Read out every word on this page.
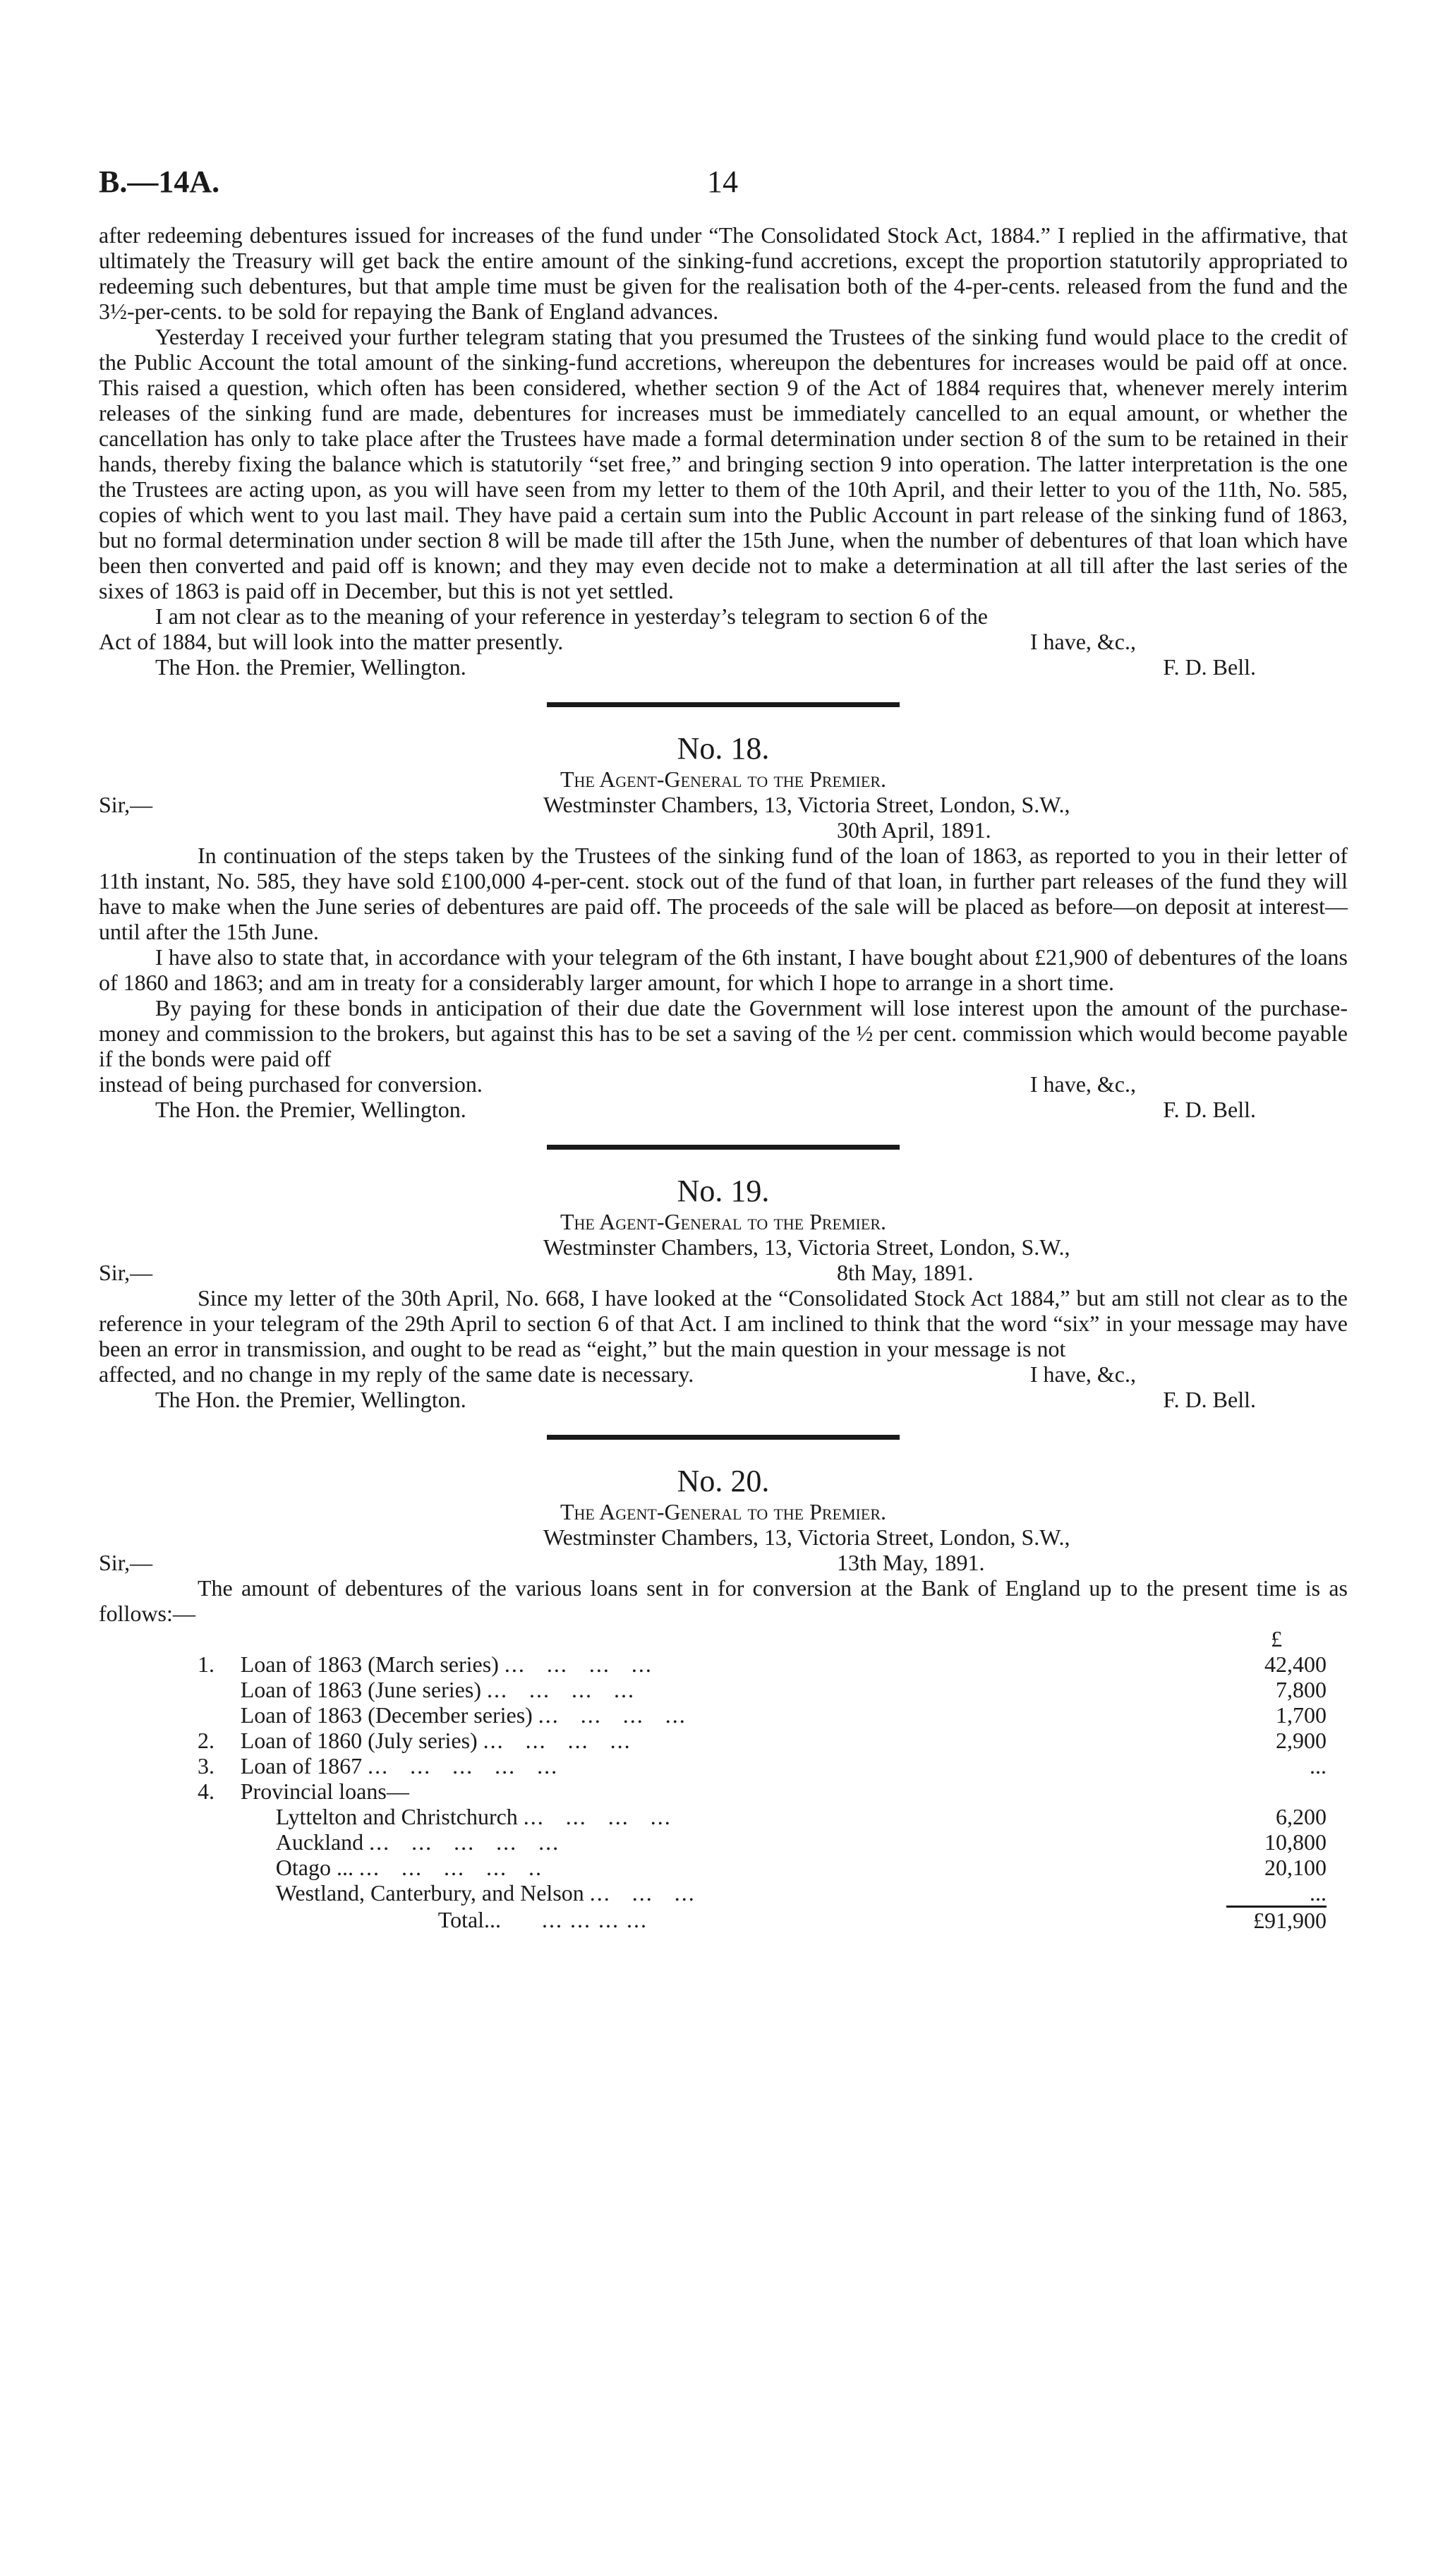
B.—14A.	14

after redeeming debentures issued for increases of the fund under “The Consolidated Stock Act, 1884.” I replied in the affirmative, that ultimately the Treasury will get back the entire amount of the sinking-fund accretions, except the proportion statutorily appropriated to redeeming such debentures, but that ample time must be given for the realisation both of the 4-per-cents. released from the fund and the 3½-per-cents. to be sold for repaying the Bank of England advances.

Yesterday I received your further telegram stating that you presumed the Trustees of the sinking fund would place to the credit of the Public Account the total amount of the sinking-fund accretions, whereupon the debentures for increases would be paid off at once. This raised a question, which often has been considered, whether section 9 of the Act of 1884 requires that, whenever merely interim releases of the sinking fund are made, debentures for increases must be immediately cancelled to an equal amount, or whether the cancellation has only to take place after the Trustees have made a formal determination under section 8 of the sum to be retained in their hands, thereby fixing the balance which is statutorily “set free,” and bringing section 9 into operation. The latter interpretation is the one the Trustees are acting upon, as you will have seen from my letter to them of the 10th April, and their letter to you of the 11th, No. 585, copies of which went to you last mail. They have paid a certain sum into the Public Account in part release of the sinking fund of 1863, but no formal determination under section 8 will be made till after the 15th June, when the number of debentures of that loan which have been then converted and paid off is known; and they may even decide not to make a determination at all till after the last series of the sixes of 1863 is paid off in December, but this is not yet settled.

I am not clear as to the meaning of your reference in yesterday’s telegram to section 6 of the

Act of 1884, but will look into the matter presently.	I have, &c.,
The Hon. the Premier, Wellington.	F. D. Bell.
No. 18.
The Agent-General to the Premier.
Sir,—	Westminster Chambers, 13, Victoria Street, London, S.W.,
30th April, 1891.

In continuation of the steps taken by the Trustees of the sinking fund of the loan of 1863, as reported to you in their letter of 11th instant, No. 585, they have sold £100,000 4-per-cent. stock out of the fund of that loan, in further part releases of the fund they will have to make when the June series of debentures are paid off. The proceeds of the sale will be placed as before—on deposit at interest—until after the 15th June.

I have also to state that, in accordance with your telegram of the 6th instant, I have bought about £21,900 of debentures of the loans of 1860 and 1863; and am in treaty for a considerably larger amount, for which I hope to arrange in a short time.

By paying for these bonds in anticipation of their due date the Government will lose interest upon the amount of the purchase-money and commission to the brokers, but against this has to be set a saving of the ½ per cent. commission which would become payable if the bonds were paid off

instead of being purchased for conversion.	I have, &c.,
The Hon. the Premier, Wellington.	F. D. Bell.
No. 19.
The Agent-General to the Premier.
Westminster Chambers, 13, Victoria Street, London, S.W.,
Sir,—	8th May, 1891.

Since my letter of the 30th April, No. 668, I have looked at the “Consolidated Stock Act 1884,” but am still not clear as to the reference in your telegram of the 29th April to section 6 of that Act. I am inclined to think that the word “six” in your message may have been an error in transmission, and ought to be read as “eight,” but the main question in your message is not

affected, and no change in my reply of the same date is necessary.	I have, &c.,
The Hon. the Premier, Wellington.	F. D. Bell.
No. 20.
The Agent-General to the Premier.
Westminster Chambers, 13, Victoria Street, London, S.W.,
Sir,—	13th May, 1891.

The amount of debentures of the various loans sent in for conversion at the Bank of England up to the present time is as follows:—

		£
1.	Loan of 1863 (March series) ...   ...   ...   ...	42,400
	Loan of 1863 (June series) ...   ...   ...   ...	7,800
	Loan of 1863 (December series) ...   ...   ...   ...	1,700
2.	Loan of 1860 (July series) ...   ...   ...   ...	2,900
3.	Loan of 1867 ...   ...   ...   ...   ...	...
4.	Provincial loans—	
	Lyttelton and Christchurch ...   ...   ...   ...	6,200
	Auckland ...   ...   ...   ...   ...	10,800
	Otago ... ...   ...   ...   ...   ..	20,100
	Westland, Canterbury, and Nelson ...   ...   ...	...
	Total... ... ... ... ...	£91,900
